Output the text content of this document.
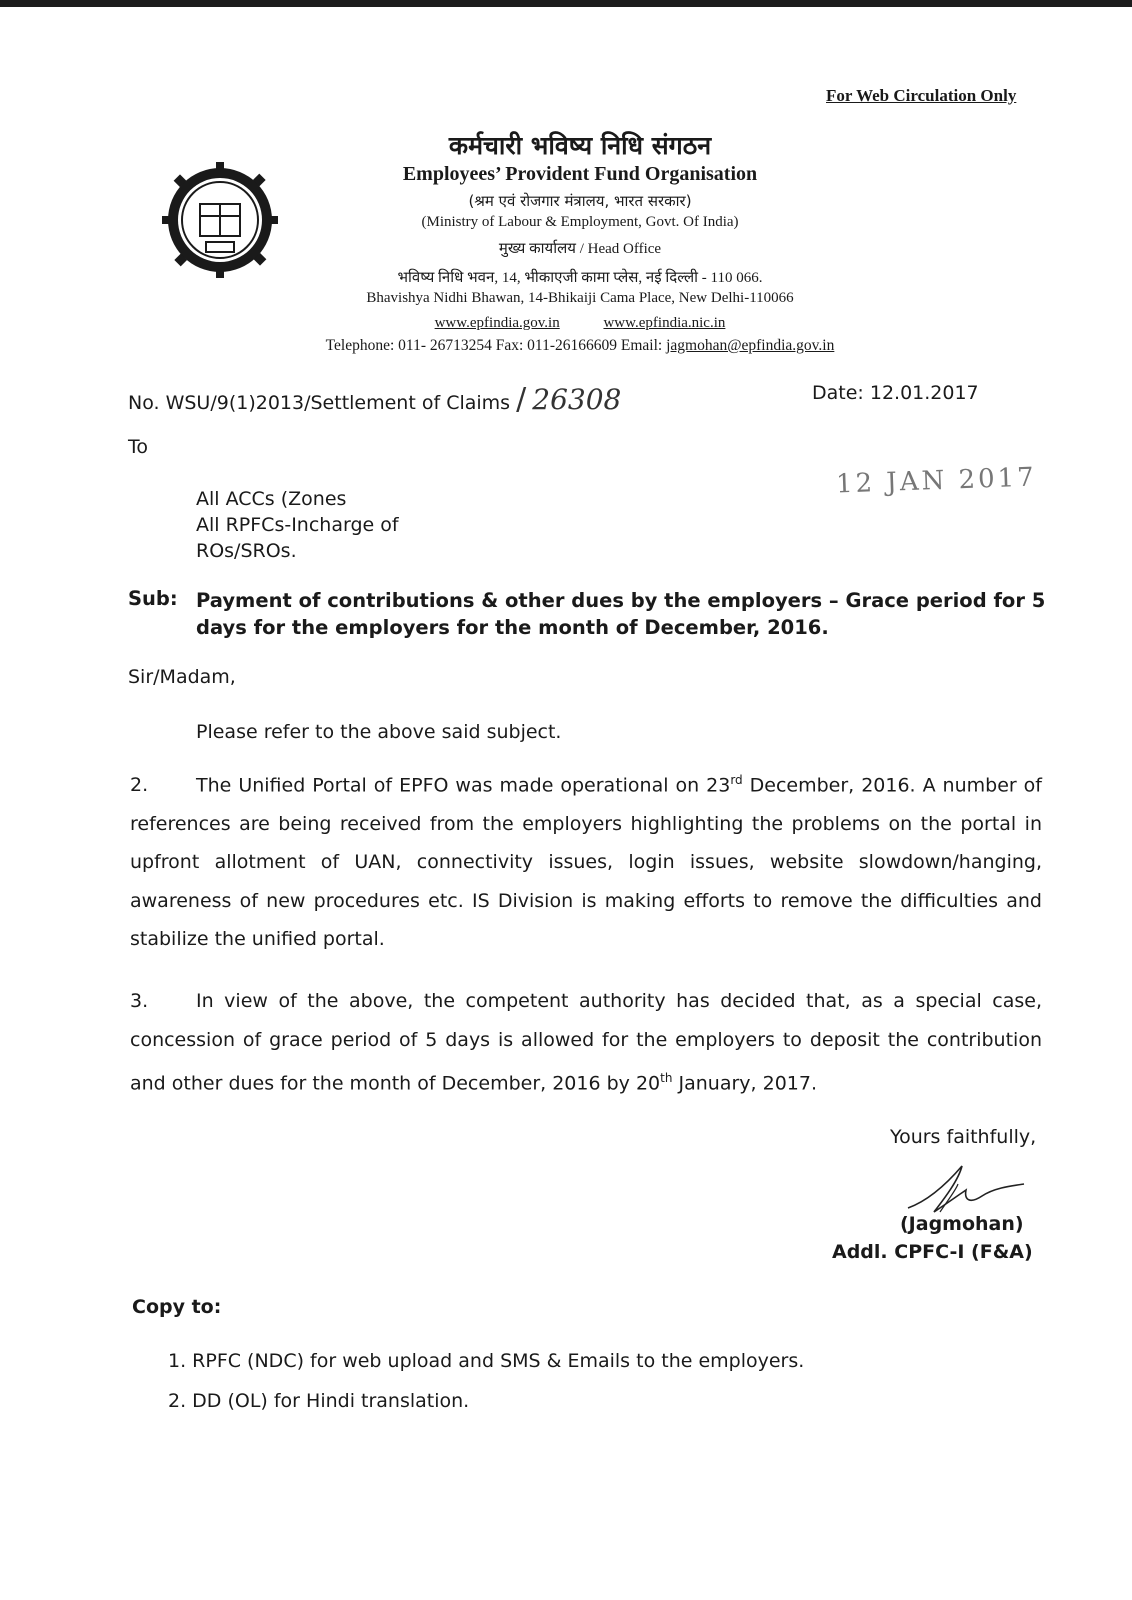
For Web Circulation Only
कर्मचारी भविष्य निधि संगठन
Employees’ Provident Fund Organisation
(श्रम एवं रोजगार मंत्रालय, भारत सरकार)
(Ministry of Labour & Employment, Govt. Of India)
मुख्य कार्यालय / Head Office
भविष्य निधि भवन, 14, भीकाएजी कामा प्लेस, नई दिल्ली - 110 066.
Bhavishya Nidhi Bhawan, 14-Bhikaiji Cama Place, New Delhi-110066
www.epfindia.gov.in	www.epfindia.nic.in
Telephone: 011- 26713254 Fax: 011-26166609 Email: jagmohan@epfindia.gov.in
No. WSU/9(1)2013/Settlement of Claims / 26308	Date: 12.01.2017
12 JAN 2017
To
All ACCs (Zones
All RPFCs-Incharge of
ROs/SROs.
Sub: Payment of contributions & other dues by the employers – Grace period for 5 days for the employers for the month of December, 2016.
Sir/Madam,
Please refer to the above said subject.
2.	The Unified Portal of EPFO was made operational on 23rd December, 2016. A number of references are being received from the employers highlighting the problems on the portal in upfront allotment of UAN, connectivity issues, login issues, website slowdown/hanging, awareness of new procedures etc. IS Division is making efforts to remove the difficulties and stabilize the unified portal.
3.	In view of the above, the competent authority has decided that, as a special case, concession of grace period of 5 days is allowed for the employers to deposit the contribution and other dues for the month of December, 2016 by 20th January, 2017.
Yours faithfully,
(Jagmohan)
Addl. CPFC-I (F&A)
Copy to:
1. RPFC (NDC) for web upload and SMS & Emails to the employers.
2. DD (OL) for Hindi translation.
